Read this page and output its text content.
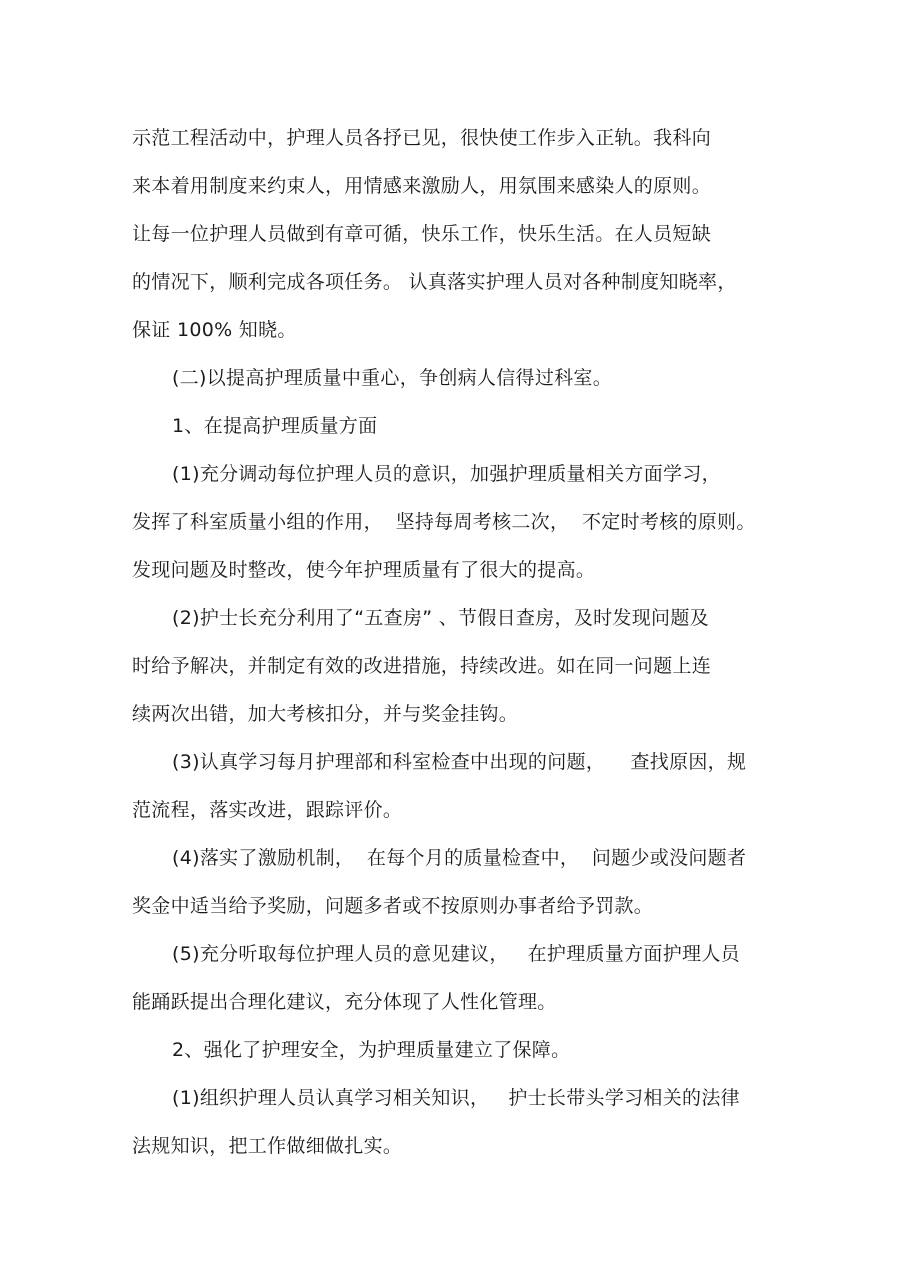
示范工程活动中，护理人员各抒已见，很快使工作步入正轨。我科向
来本着用制度来约束人，用情感来激励人，用氛围来感染人的原则。
让每一位护理人员做到有章可循，快乐工作，快乐生活。在人员短缺
的情况下，顺利完成各项任务。 认真落实护理人员对各种制度知晓率，
保证 100% 知晓。
(二)以提高护理质量中重心，争创病人信得过科室。
1、在提高护理质量方面
(1)充分调动每位护理人员的意识，加强护理质量相关方面学习，
发挥了科室质量小组的作用，  坚持每周考核二次，  不定时考核的原则。
发现问题及时整改，使今年护理质量有了很大的提高。
(2)护士长充分利用了“五查房” 、节假日查房，及时发现问题及
时给予解决，并制定有效的改进措施，持续改进。如在同一问题上连
续两次出错，加大考核扣分，并与奖金挂钩。
(3)认真学习每月护理部和科室检查中出现的问题，    查找原因，规
范流程，落实改进，跟踪评价。
(4)落实了激励机制，  在每个月的质量检查中，  问题少或没问题者
奖金中适当给予奖励，问题多者或不按原则办事者给予罚款。
(5)充分听取每位护理人员的意见建议，   在护理质量方面护理人员
能踊跃提出合理化建议，充分体现了人性化管理。
2、强化了护理安全，为护理质量建立了保障。
(1)组织护理人员认真学习相关知识，   护士长带头学习相关的法律
法规知识，把工作做细做扎实。
